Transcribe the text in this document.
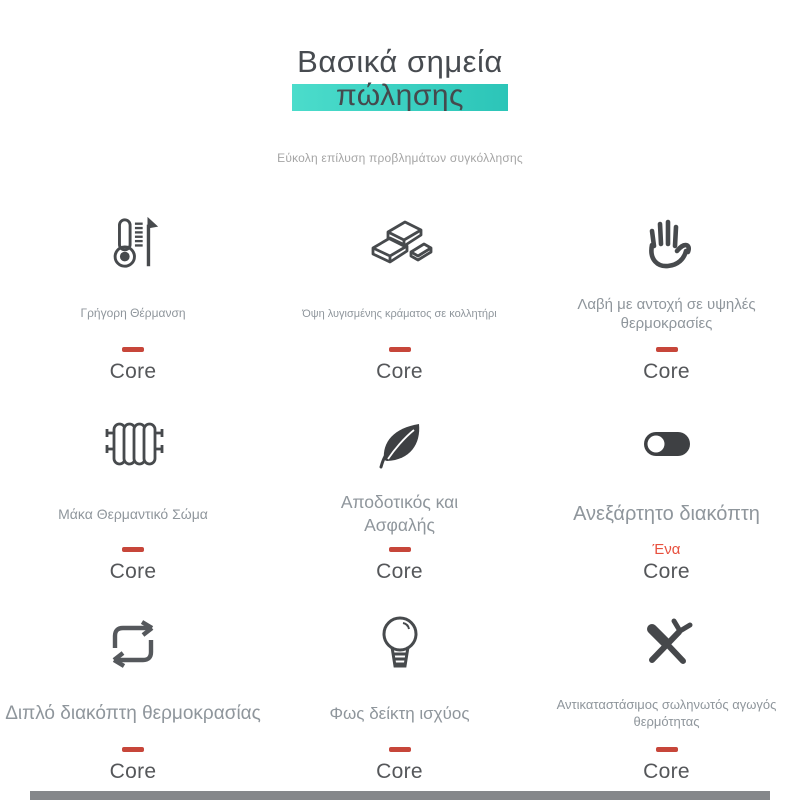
Βασικά σημεία
πώλησης
Εύκολη επίλυση προβλημάτων συγκόλλησης
Γρήγορη Θέρμανση
Core
Όψη λυγισμένης κράματος σε κολλητήρι
Core
Λαβή με αντοχή σε υψηλές θερμοκρασίες
Core
Μάκα Θερμαντικό Σώμα
Core
Αποδοτικός και Ασφαλής
Core
Ανεξάρτητο διακόπτη
Ένα
Core
Διπλό διακόπτη θερμοκρασίας
Core
Φως δείκτη ισχύος
Core
Αντικαταστάσιμος σωληνωτός αγωγός θερμότητας
Core
